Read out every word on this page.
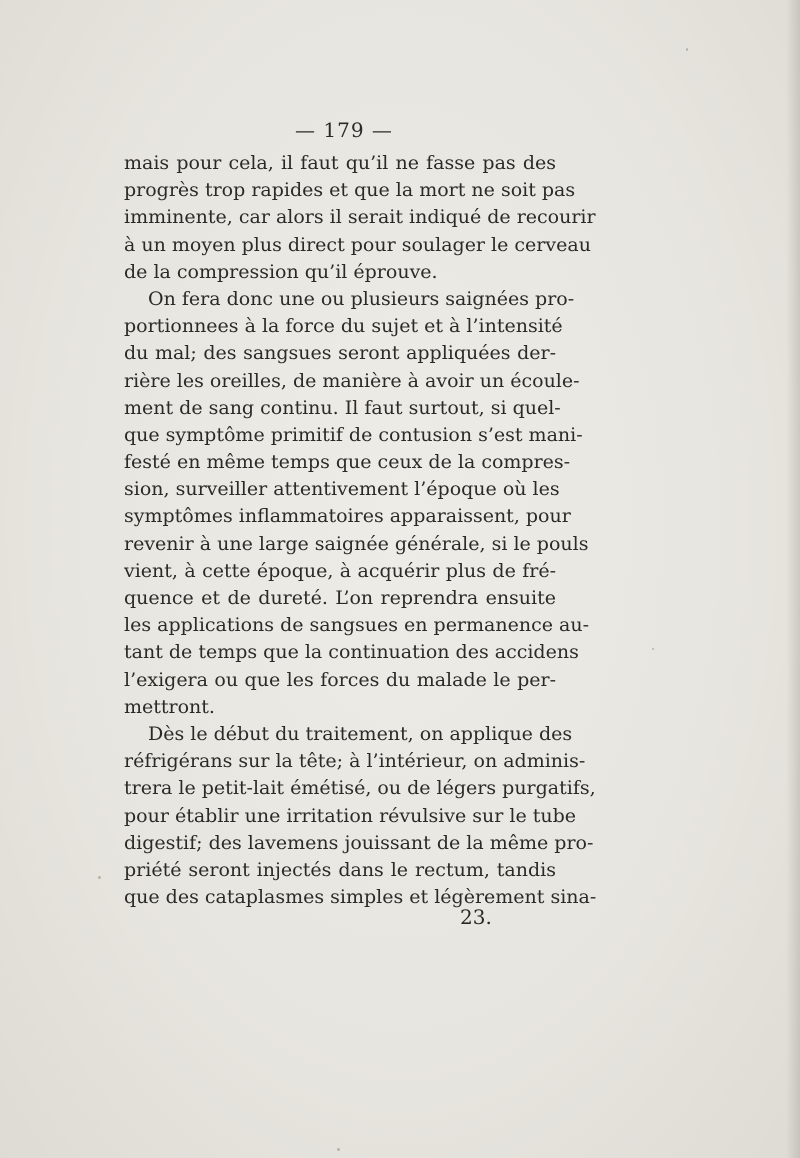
— 179 —
mais pour cela, il faut qu’il ne fasse pas des
progrès trop rapides et que la mort ne soit pas
imminente, car alors il serait indiqué de recourir
à un moyen plus direct pour soulager le cerveau
de la compression qu’il éprouve.
On fera donc une ou plusieurs saignées pro-
portionnees à la force du sujet et à l’intensité
du mal; des sangsues seront appliquées der-
rière les oreilles, de manière à avoir un écoule-
ment de sang continu. Il faut surtout, si quel-
que symptôme primitif de contusion s’est mani-
festé en même temps que ceux de la compres-
sion, surveiller attentivement l’époque où les
symptômes inflammatoires apparaissent, pour
revenir à une large saignée générale, si le pouls
vient, à cette époque, à acquérir plus de fré-
quence et de dureté. L’on reprendra ensuite
les applications de sangsues en permanence au-
tant de temps que la continuation des accidens
l’exigera ou que les forces du malade le per-
mettront.
Dès le début du traitement, on applique des
réfrigérans sur la tête; à l’intérieur, on adminis-
trera le petit-lait émétisé, ou de légers purgatifs,
pour établir une irritation révulsive sur le tube
digestif; des lavemens jouissant de la même pro-
priété seront injectés dans le rectum, tandis
que des cataplasmes simples et légèrement sina-
23.
